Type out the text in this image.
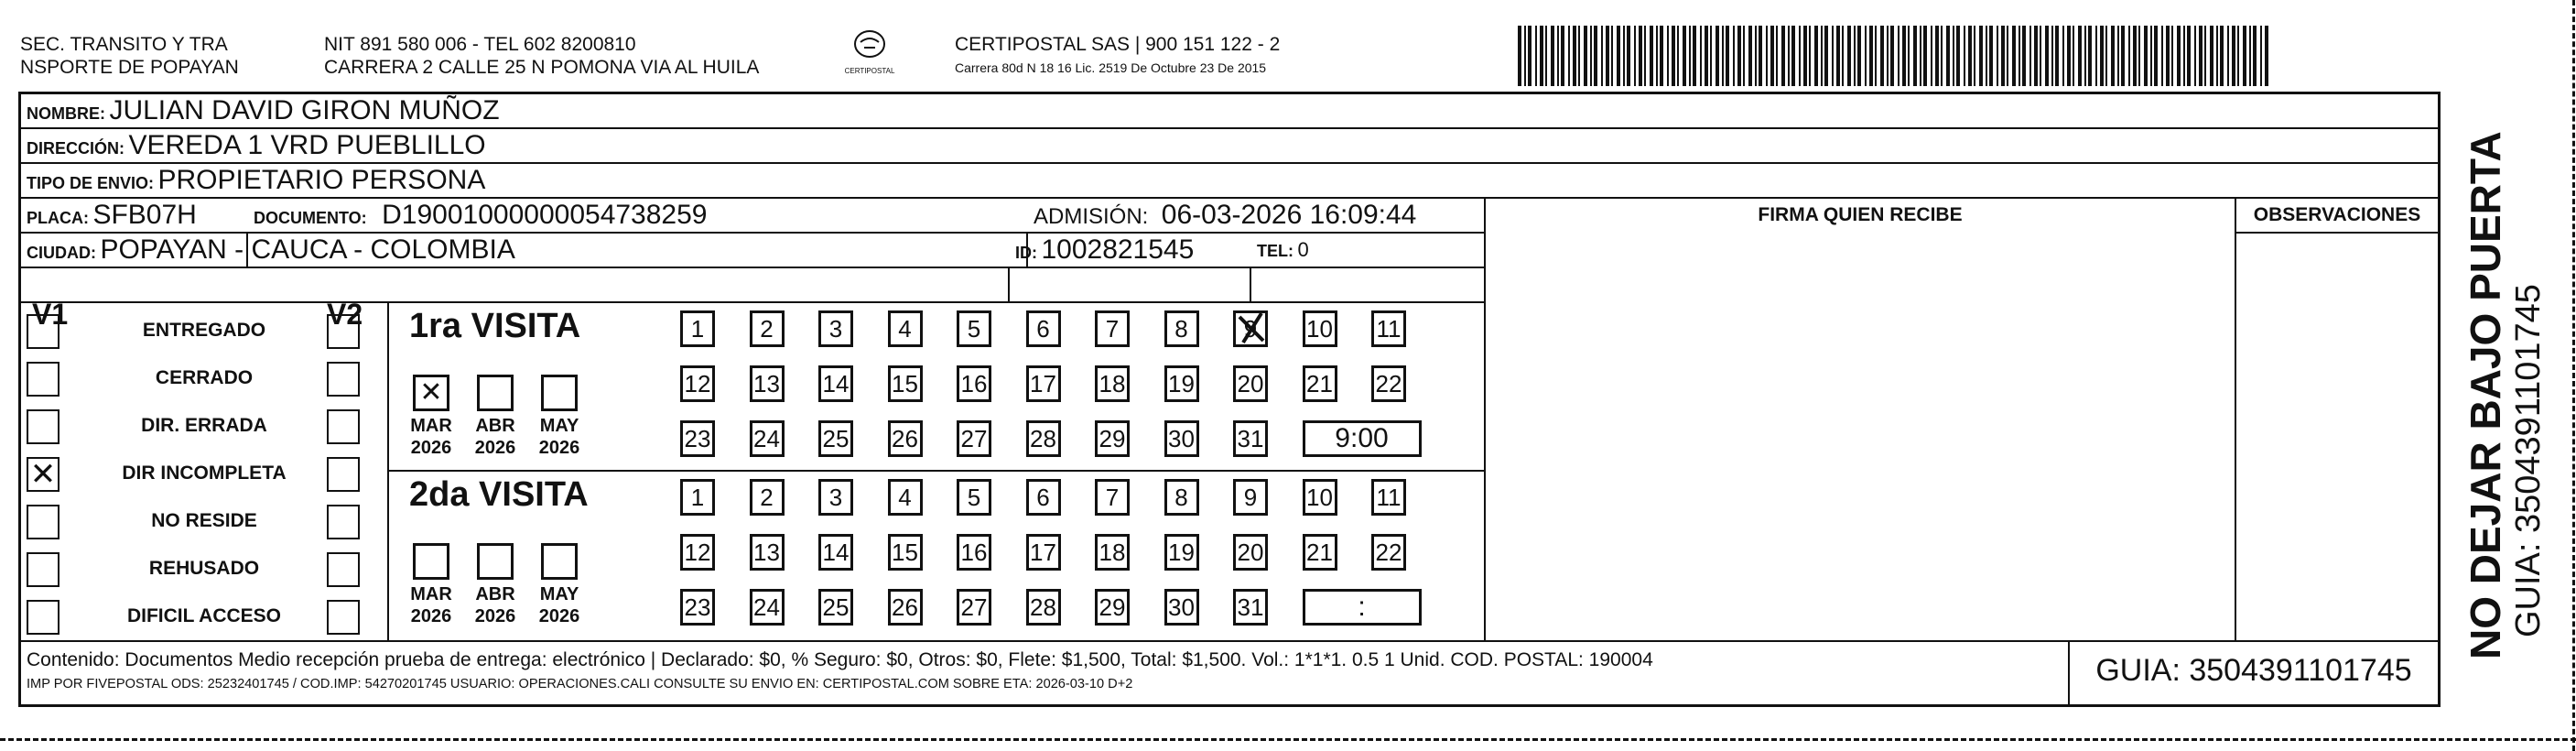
SEC. TRANSITO Y TRA
NSPORTE DE POPAYAN
NIT 891 580 006 - TEL 602 8200810
CARRERA 2 CALLE 25 N POMONA VIA AL HUILA	CERTIPOSTAL
CERTIPOSTAL SAS | 900 151 122 - 2
Carrera 80d N 18 16 Lic. 2519 De Octubre 23 De 2015
NOMBRE: JULIAN DAVID GIRON MUÑOZ
DIRECCIÓN: VEREDA 1 VRD PUEBLILLO
TIPO DE ENVIO: PROPIETARIO PERSONA
FIRMA QUIEN RECIBE	OBSERVACIONES
PLACA: SFB07H	DOCUMENTO: D19001000000054738259	ADMISIÓN: 06-03-2026 16:09:44
CIUDAD: POPAYAN - CAUCA - COLOMBIA	ID: 1002821545	TEL: 0
V1	V2
ENTREGADO
CERRADO
DIR. ERRADA
✕	DIR INCOMPLETA
NO RESIDE
REHUSADO
DIFICIL ACCESO
1ra VISITA
✕
MAR
2026
ABR
2026
MAY
2026
1	2	3	4	5	6	7	8	9	10 11
12 13 14 15 16 17 18 19 20 21 22
23 24 25 26 27 28 29 30 31	9:00
2da VISITA
MAR
2026
ABR
2026
MAY
2026
1	2	3	4	5	6	7	8	9	10 11
12 13 14 15 16 17 18 19 20 21 22
23 24 25 26 27 28 29 30 31	:
Contenido: Documentos Medio recepción prueba de entrega: electrónico | Declarado: $0, % Seguro: $0, Otros: $0, Flete: $1,500, Total: $1,500. Vol.: 1*1*1. 0.5 1 Unid. COD. POSTAL: 190004
IMP POR FIVEPOSTAL ODS: 25232401745 / COD.IMP: 54270201745 USUARIO: OPERACIONES.CALI CONSULTE SU ENVIO EN: CERTIPOSTAL.COM SOBRE ETA: 2026-03-10 D+2	GUIA: 3504391101745
NO DEJAR BAJO PUERTA GUIA: 3504391101745
